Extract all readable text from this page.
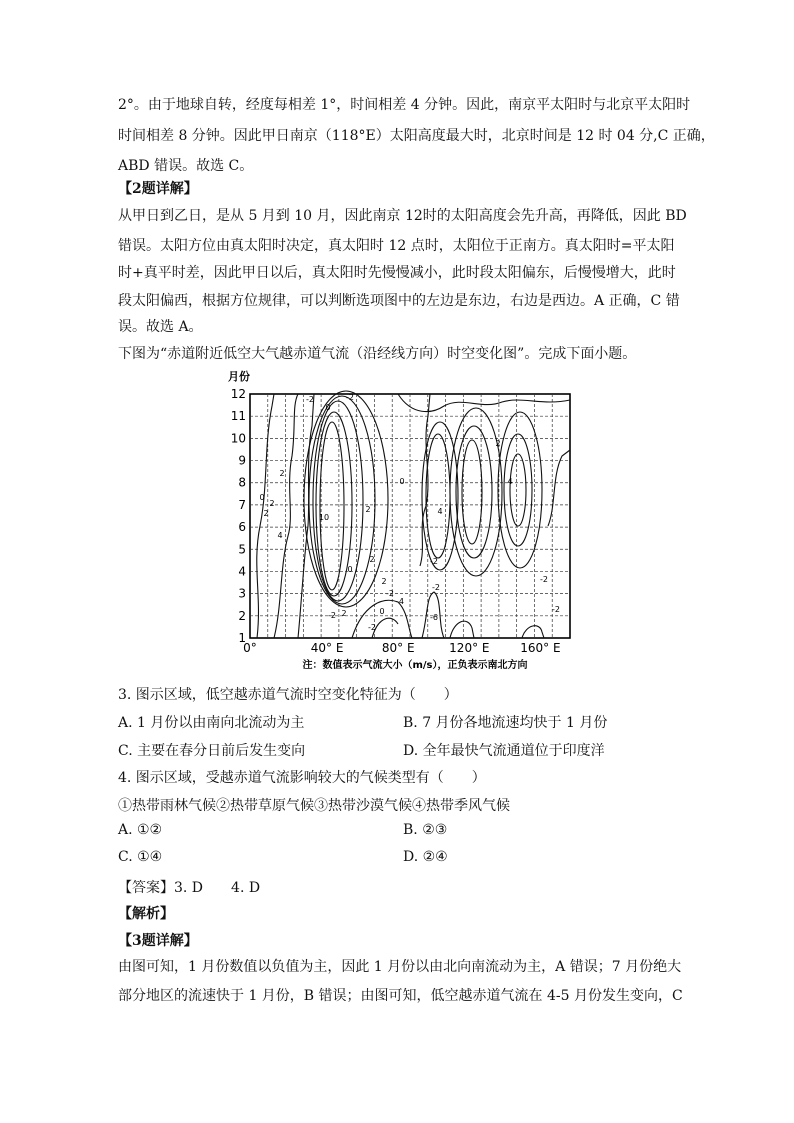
2°。由于地球自转，经度每相差 1°，时间相差 4 分钟。因此，南京平太阳时与北京平太阳时
时间相差 8 分钟。因此甲日南京（118°E）太阳高度最大时，北京时间是 12 时 04 分,C 正确，
ABD 错误。故选 C。
【2题详解】
从甲日到乙日，是从 5 月到 10 月，因此南京 12时的太阳高度会先升高，再降低，因此 BD
错误。太阳方位由真太阳时决定，真太阳时 12 点时，太阳位于正南方。真太阳时=平太阳
时+真平时差，因此甲日以后，真太阳时先慢慢减小，此时段太阳偏东，后慢慢增大，此时
段太阳偏西，根据方位规律，可以判断选项图中的左边是东边，右边是西边。A 正确，C 错
误。故选 A。
下图为“赤道附近低空大气越赤道气流（沿经线方向）时空变化图”。完成下面小题。
月份
1
2
3
4
5
6
7
8
9
10
11
12
0°	40° E	80° E	120° E	160° E
-2	-2
0
2
2
4
10
2
2
0
2	0
-2
-2
-4
-2
-2
-6
-2
0
4
4
2
-2
-2
0
2
2
注：数值表示气流大小（m/s），正负表示南北方向
3. 图示区域，低空越赤道气流时空变化特征为（　　）
A. 1 月份以由南向北流动为主	B. 7 月份各地流速均快于 1 月份
C. 主要在春分日前后发生变向	D. 全年最快气流通道位于印度洋
4. 图示区域，受越赤道气流影响较大的气候类型有（　　）
①热带雨林气候②热带草原气候③热带沙漠气候④热带季风气候
A. ①②	B. ②③
C. ①④	D. ②④
【答案】3. D　　4. D
【解析】
【3题详解】
由图可知，1 月份数值以负值为主，因此 1 月份以由北向南流动为主，A 错误；7 月份绝大
部分地区的流速快于 1 月份，B 错误；由图可知，低空越赤道气流在 4-5 月份发生变向，C
